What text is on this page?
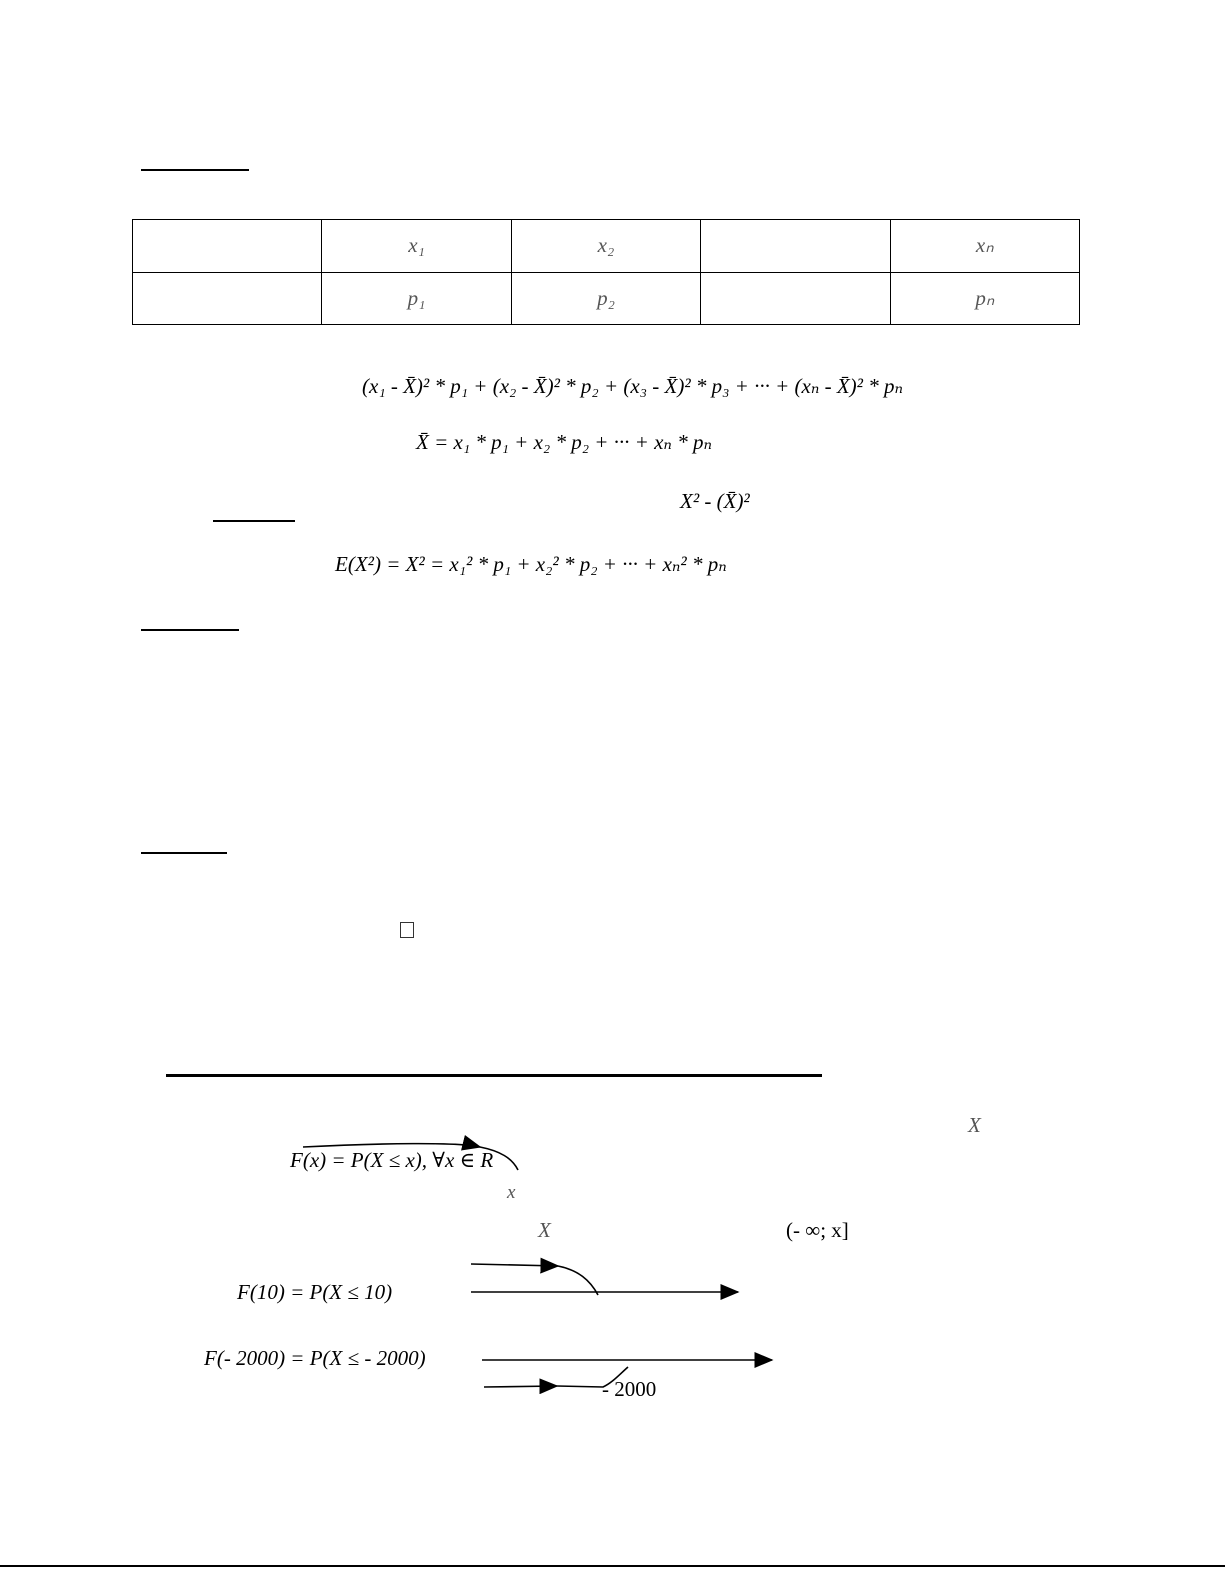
	x₁	x₂		xₙ
	p₁	p₂		pₙ
(x₁ - X̄)² * p₁ + (x₂ - X̄)² * p₂ + (x₃ - X̄)² * p₃ + ··· + (xₙ - X̄)² * pₙ
X̄ = x₁ * p₁ + x₂ * p₂ + ··· + xₙ * pₙ
X² - (X̄)²
E(X²) = X² = x₁² * p₁ + x₂² * p₂ + ··· + xₙ² * pₙ
X
F(x) = P(X ≤ x), ∀x ∈ R
x
X	(- ∞; x]
F(10) = P(X ≤ 10)
F(- 2000) = P(X ≤ - 2000)
- 2000
